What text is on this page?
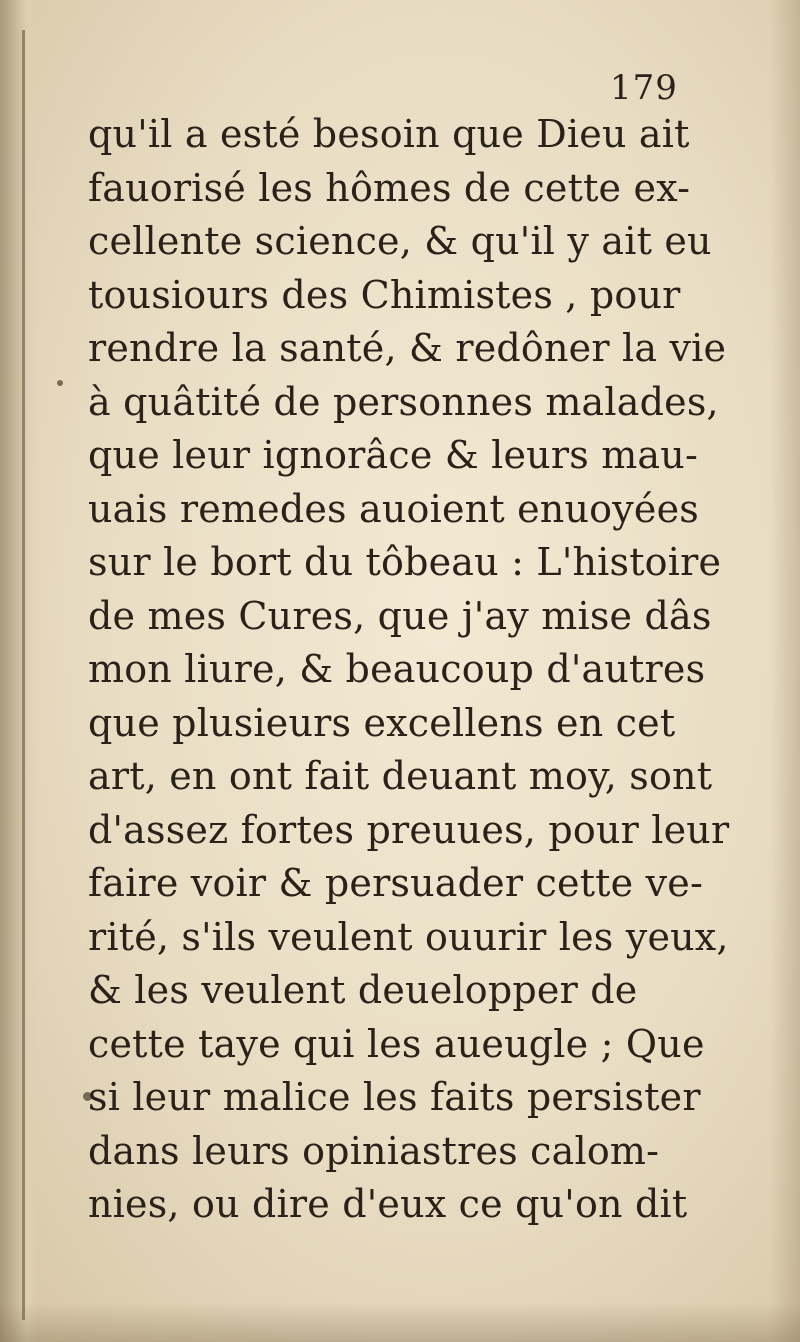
179
qu'il a esté besoin que Dieu ait
fauorisé les hômes de cette ex-
cellente science, & qu'il y ait eu
tousiours des Chimistes , pour
rendre la santé, & redôner la vie
à quâtité de personnes malades,
que leur ignorâce & leurs mau-
uais remedes auoient enuoyées
sur le bort du tôbeau : L'histoire
de mes Cures, que j'ay mise dâs
mon liure, & beaucoup d'autres
que plusieurs excellens en cet
art, en ont fait deuant moy, sont
d'assez fortes preuues, pour leur
faire voir & persuader cette ve-
rité, s'ils veulent ouurir les yeux,
& les veulent deuelopper de
cette taye qui les aueugle ; Que
si leur malice les faits persister
dans leurs opiniastres calom-
nies, ou dire d'eux ce qu'on dit
